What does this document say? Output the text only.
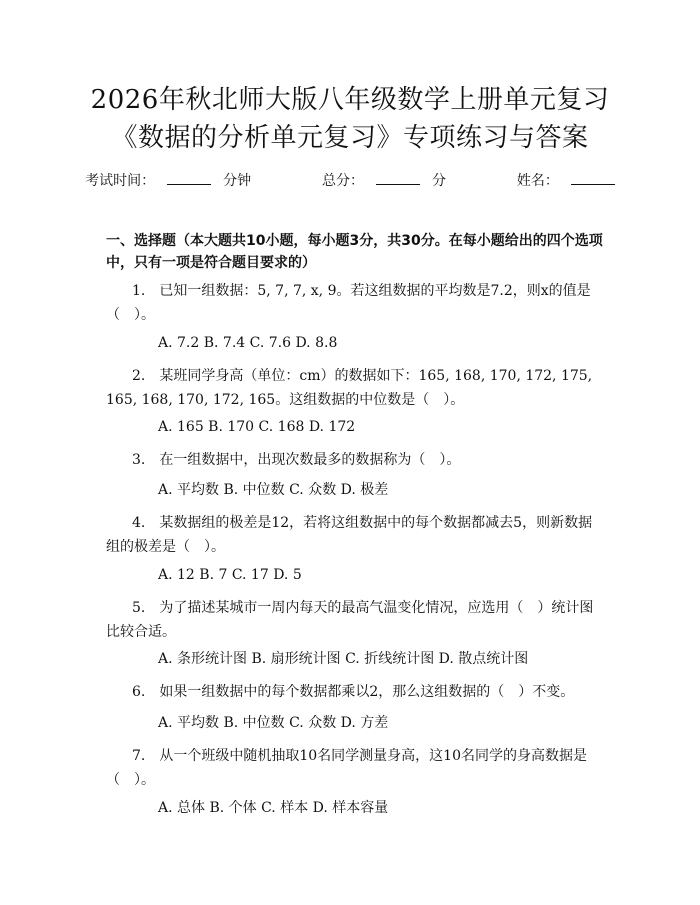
2026年秋北师大版八年级数学上册单元复习
《数据的分析单元复习》专项练习与答案
考试时间：	分钟	总分：	分	姓名：
一、选择题（本大题共10小题，每小题3分，共30分。在每小题给出的四个选项中，只有一项是符合题目要求的）
1.　已知一组数据：5, 7, 7, x, 9。若这组数据的平均数是7.2，则x的值是（　）。
A. 7.2 B. 7.4 C. 7.6 D. 8.8
2.　某班同学身高（单位：cm）的数据如下：165, 168, 170, 172, 175, 165, 168, 170, 172, 165。这组数据的中位数是（　）。
A. 165 B. 170 C. 168 D. 172
3.　在一组数据中，出现次数最多的数据称为（　）。
A. 平均数 B. 中位数 C. 众数 D. 极差
4.　某数据组的极差是12，若将这组数据中的每个数据都减去5，则新数据组的极差是（　）。
A. 12 B. 7 C. 17 D. 5
5.　为了描述某城市一周内每天的最高气温变化情况，应选用（　）统计图比较合适。
A. 条形统计图 B. 扇形统计图 C. 折线统计图 D. 散点统计图
6.　如果一组数据中的每个数据都乘以2，那么这组数据的（　）不变。
A. 平均数 B. 中位数 C. 众数 D. 方差
7.　从一个班级中随机抽取10名同学测量身高，这10名同学的身高数据是（　）。
A. 总体 B. 个体 C. 样本 D. 样本容量
